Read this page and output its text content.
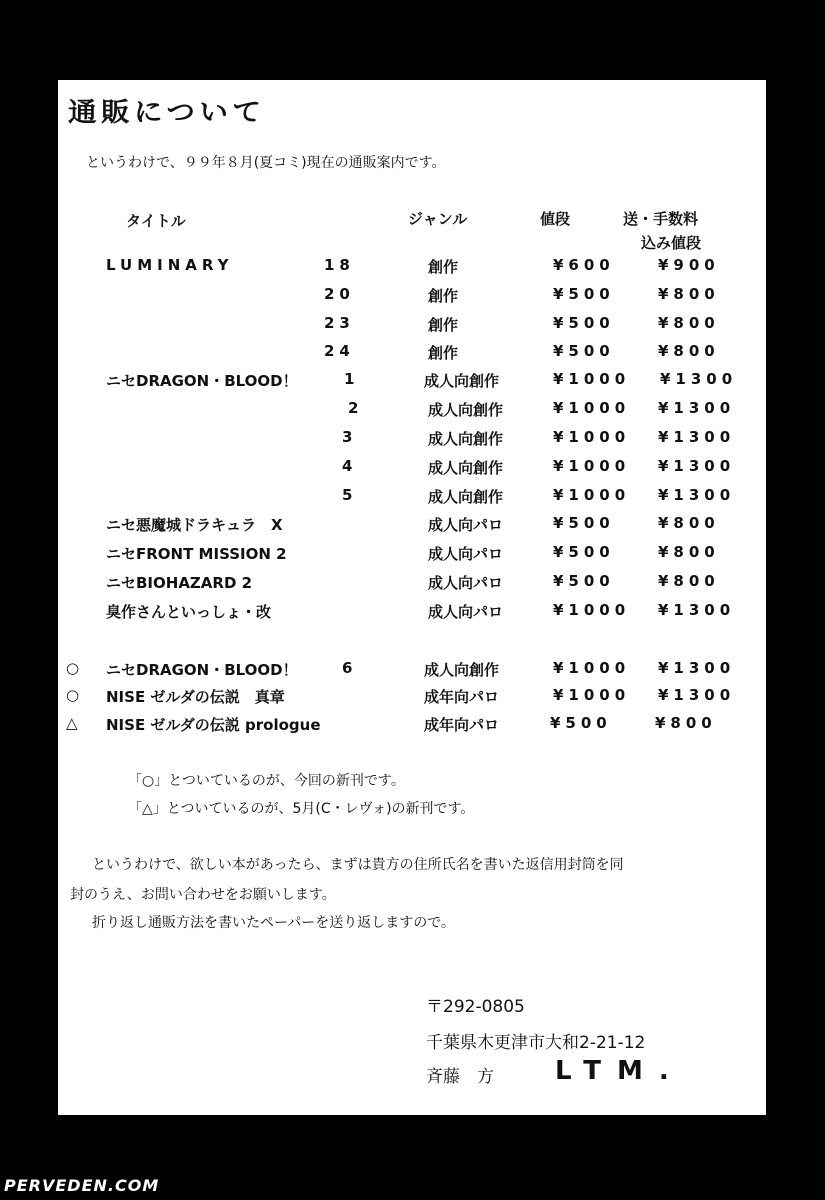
通販について
というわけで、９９年８月(夏コミ)現在の通販案内です。
タイトル	ジャンル	値段	送・手数料
込み値段
LUMINARY	18	創作	¥600	¥900
20	創作	¥500	¥800
23	創作	¥500	¥800
24	創作	¥500	¥800
ニセDRAGON・BLOOD！	1	成人向創作	¥1000 ¥1300
2	成人向創作	¥1000 ¥1300
3	成人向創作	¥1000 ¥1300
4	成人向創作	¥1000 ¥1300
5	成人向創作	¥1000 ¥1300
ニセ悪魔城ドラキュラ　X	成人向パロ	¥500	¥800
ニセFRONT MISSION 2	成人向パロ	¥500	¥800
ニセBIOHAZARD 2	成人向パロ	¥500	¥800
臭作さんといっしょ・改	成人向パロ	¥1000 ¥1300
○ ニセDRAGON・BLOOD！	6	成人向創作	¥1000 ¥1300
○ NISE ゼルダの伝説　真章	成年向パロ	¥1000 ¥1300
△ NISE ゼルダの伝説 prologue	成年向パロ	¥500	¥800
「○」とついているのが、今回の新刊です。
「△」とついているのが、5月(C・レヴォ)の新刊です。
というわけで、欲しい本があったら、まずは貴方の住所氏名を書いた返信用封筒を同
封のうえ、お問い合わせをお願いします。
折り返し通販方法を書いたペーパーを送り返しますので。
〒292-0805
千葉県木更津市大和2-21-12
斉藤　方 LTM.
PERVEDEN.COM
